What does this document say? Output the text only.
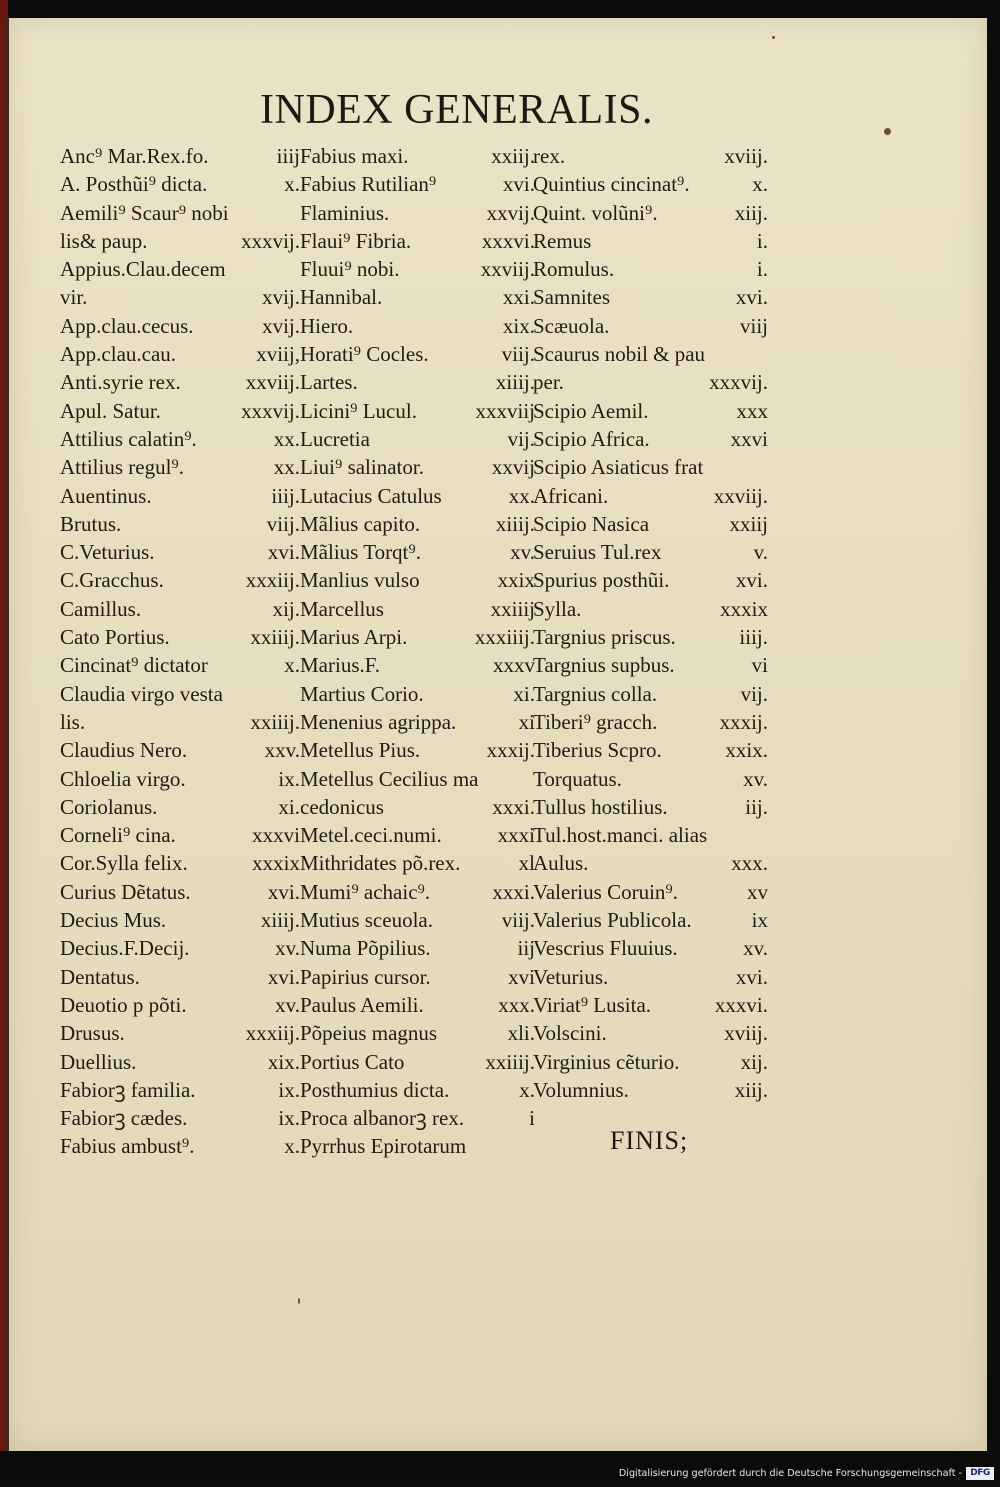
INDEX GENERALIS.
Anc⁹ Mar.Rex.fo.	iiij
A. Posthũi⁹ dicta.	x.
Aemili⁹ Scaur⁹ nobi
lis& paup.	xxxvij.
Appius.Clau.decem
vir.	xvij.
App.clau.cecus.	xvij.
App.clau.cau.	xviij,
Anti.syrie rex.	xxviij.
Apul. Satur.	xxxvij.
Attilius calatin⁹.	xx.
Attilius regul⁹.	xx.
Auentinus.	iiij.
Brutus.	viij.
C.Veturius.	xvi.
C.Gracchus.	xxxiij.
Camillus.	xij.
Cato Portius.	xxiiij.
Cincinat⁹ dictator	x.
Claudia virgo vesta
lis.	xxiiij.
Claudius Nero.	xxv.
Chloelia virgo.	ix.
Coriolanus.	xi.
Corneli⁹ cina.	xxxvi
Cor.Sylla felix.	xxxix
Curius Dẽtatus.	xvi.
Decius Mus.	xiiij.
Decius.F.Decij.	xv.
Dentatus.	xvi.
Deuotio p põti.	xv.
Drusus.	xxxiij.
Duellius.	xix.
Fabiorꝫ familia.	ix.
Fabiorꝫ cædes.	ix.
Fabius ambust⁹.	x.
Fabius maxi.	xxiij.
Fabius Rutilian⁹	xvi.
Flaminius.	xxvij.
Flaui⁹ Fibria.	xxxvi.
Fluui⁹ nobi.	xxviij.
Hannibal.	xxi.
Hiero.	xix.
Horati⁹ Cocles.	viij.
Lartes.	xiiij.
Licini⁹ Lucul.	xxxviij
Lucretia	vij.
Liui⁹ salinator.	xxvij
Lutacius Catulus	xx.
Mãlius capito.	xiiij.
Mãlius Torqt⁹.	xv.
Manlius vulso	xxix
Marcellus	xxiiij
Marius Arpi.	xxxiiij.
Marius.F.	xxxv
Martius Corio.	xi.
Menenius agrippa.	xi
Metellus Pius.	xxxij.
Metellus Cecilius ma
cedonicus	xxxi.
Metel.ceci.numi.	xxxi
Mithridates põ.rex.	xl
Mumi⁹ achaic⁹.	xxxi.
Mutius sceuola.	viij.
Numa Põpilius.	iij
Papirius cursor.	xvi
Paulus Aemili.	xxx.
Põpeius magnus	xli.
Portius Cato	xxiiij.
Posthumius dicta.	x.
Proca albanorꝫ rex.	i
Pyrrhus Epirotarum
rex.	xviij.
Quintius cincinat⁹.	x.
Quint. volũni⁹.	xiij.
Remus	i.
Romulus.	i.
Samnites	xvi.
Scæuola.	viij
Scaurus nobil & pau
per.	xxxvij.
Scipio Aemil.	xxx
Scipio Africa.	xxvi
Scipio Asiaticus frat
Africani.	xxviij.
Scipio Nasica	xxiij
Seruius Tul.rex	v.
Spurius posthũi.	xvi.
Sylla.	xxxix
Targnius priscus.	iiij.
Targnius supbus.	vi
Targnius colla.	vij.
Tiberi⁹ gracch.	xxxij.
Tiberius Scpro.	xxix.
Torquatus.	xv.
Tullus hostilius.	iij.
Tul.host.manci. alias
Aulus.	xxx.
Valerius Coruin⁹.	xv
Valerius Publicola.	ix
Vescrius Fluuius.	xv.
Veturius.	xvi.
Viriat⁹ Lusita.	xxxvi.
Volscini.	xviij.
Virginius cẽturio.	xij.
Volumnius.	xiij.
FINIS;
Digitalisierung gefördert durch die Deutsche Forschungsgemeinschaft - DFG
